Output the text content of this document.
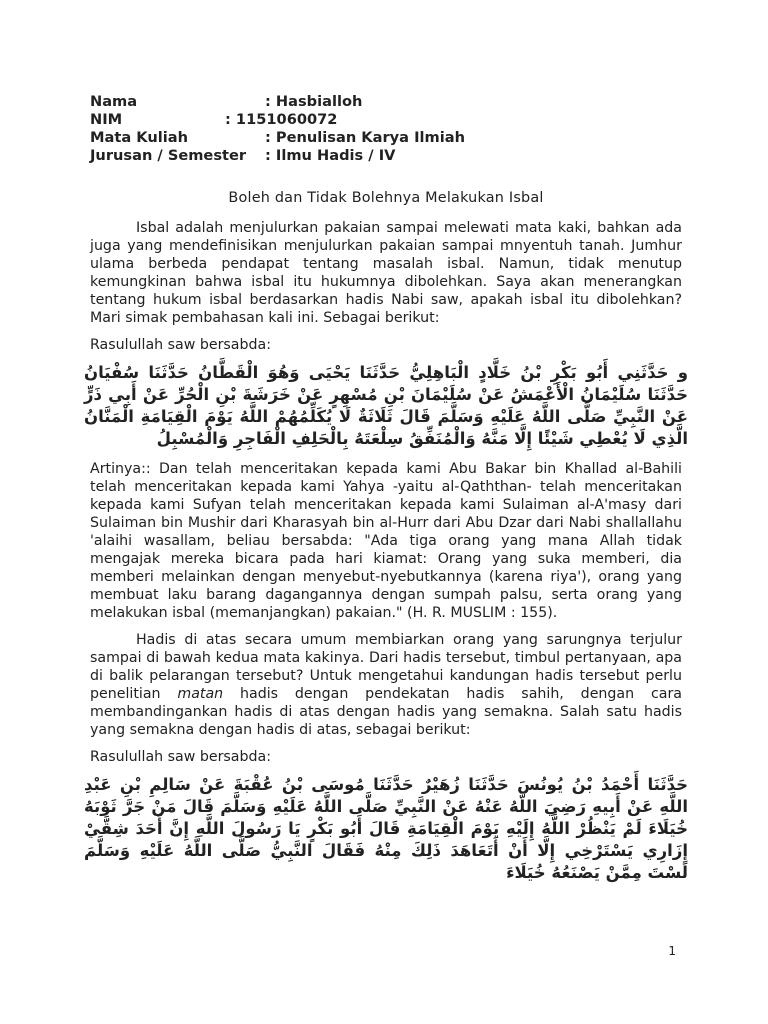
Nama	: Hasbialloh
NIM	: 1151060072
Mata Kuliah	: Penulisan Karya Ilmiah
Jurusan / Semester	: Ilmu Hadis / IV
Boleh dan Tidak Bolehnya Melakukan Isbal

Isbal adalah menjulurkan pakaian sampai melewati mata kaki, bahkan ada juga yang mendefinisikan menjulurkan pakaian sampai mnyentuh tanah. Jumhur ulama berbeda pendapat tentang masalah isbal. Namun, tidak menutup kemungkinan bahwa isbal itu hukumnya dibolehkan. Saya akan menerangkan tentang hukum isbal berdasarkan hadis Nabi saw, apakah isbal itu dibolehkan? Mari simak pembahasan kali ini. Sebagai berikut:

Rasulullah saw bersabda:

و حَدَّثَنِي أَبُو بَكْرِ بْنُ خَلَّادٍ الْبَاهِلِيُّ حَدَّثَنَا يَحْيَى وَهُوَ الْقَطَّانُ حَدَّثَنَا سُفْيَانُ حَدَّثَنَا سُلَيْمَانُ الْأَعْمَشُ عَنْ سُلَيْمَانَ بْنِ مُسْهِرٍ عَنْ خَرَشَةَ بْنِ الْحُرِّ عَنْ أَبِي ذَرٍّ عَنْ النَّبِيِّ صَلَّى اللَّهُ عَلَيْهِ وَسَلَّمَ قَالَ ثَلَاثَةٌ لَا يُكَلِّمُهُمْ اللَّهُ يَوْمَ الْقِيَامَةِ الْمَنَّانُ الَّذِي لَا يُعْطِي شَيْئًا إِلَّا مَنَّهُ وَالْمُنَفِّقُ سِلْعَتَهُ بِالْحَلِفِ الْفَاجِرِ وَالْمُسْبِلُ

Artinya:: Dan telah menceritakan kepada kami Abu Bakar bin Khallad al-Bahili telah menceritakan kepada kami Yahya -yaitu al-Qaththan- telah menceritakan kepada kami Sufyan telah menceritakan kepada kami Sulaiman al-A'masy dari Sulaiman bin Mushir dari Kharasyah bin al-Hurr dari Abu Dzar dari Nabi shallallahu 'alaihi wasallam, beliau bersabda: "Ada tiga orang yang mana Allah tidak mengajak mereka bicara pada hari kiamat: Orang yang suka memberi, dia memberi melainkan dengan menyebut-nyebutkannya (karena riya'), orang yang membuat laku barang dagangannya dengan sumpah palsu, serta orang yang melakukan isbal (memanjangkan) pakaian." (H. R. MUSLIM : 155).

Hadis di atas secara umum membiarkan orang yang sarungnya terjulur sampai di bawah kedua mata kakinya. Dari hadis tersebut, timbul pertanyaan, apa di balik pelarangan tersebut? Untuk mengetahui kandungan hadis tersebut perlu penelitian matan hadis dengan pendekatan hadis sahih, dengan cara membandingankan hadis di atas dengan hadis yang semakna. Salah satu hadis yang semakna dengan hadis di atas, sebagai berikut:

Rasulullah saw bersabda:

حَدَّثَنَا أَحْمَدُ بْنُ يُونُسَ حَدَّثَنَا زُهَيْرٌ حَدَّثَنَا مُوسَى بْنُ عُقْبَةَ عَنْ سَالِمِ بْنِ عَبْدِ اللَّهِ عَنْ أَبِيهِ رَضِيَ اللَّهُ عَنْهُ عَنْ النَّبِيِّ صَلَّى اللَّهُ عَلَيْهِ وَسَلَّمَ قَالَ مَنْ جَرَّ ثَوْبَهُ خُيَلَاءَ لَمْ يَنْظُرْ اللَّهُ إِلَيْهِ يَوْمَ الْقِيَامَةِ قَالَ أَبُو بَكْرٍ يَا رَسُولَ اللَّهِ إِنَّ أَحَدَ شِقَّيْ إِزَارِي يَسْتَرْخِي إِلَّا أَنْ أَتَعَاهَدَ ذَلِكَ مِنْهُ فَقَالَ النَّبِيُّ صَلَّى اللَّهُ عَلَيْهِ وَسَلَّمَ لَسْتَ مِمَّنْ يَصْنَعُهُ خُيَلَاءَ

1
